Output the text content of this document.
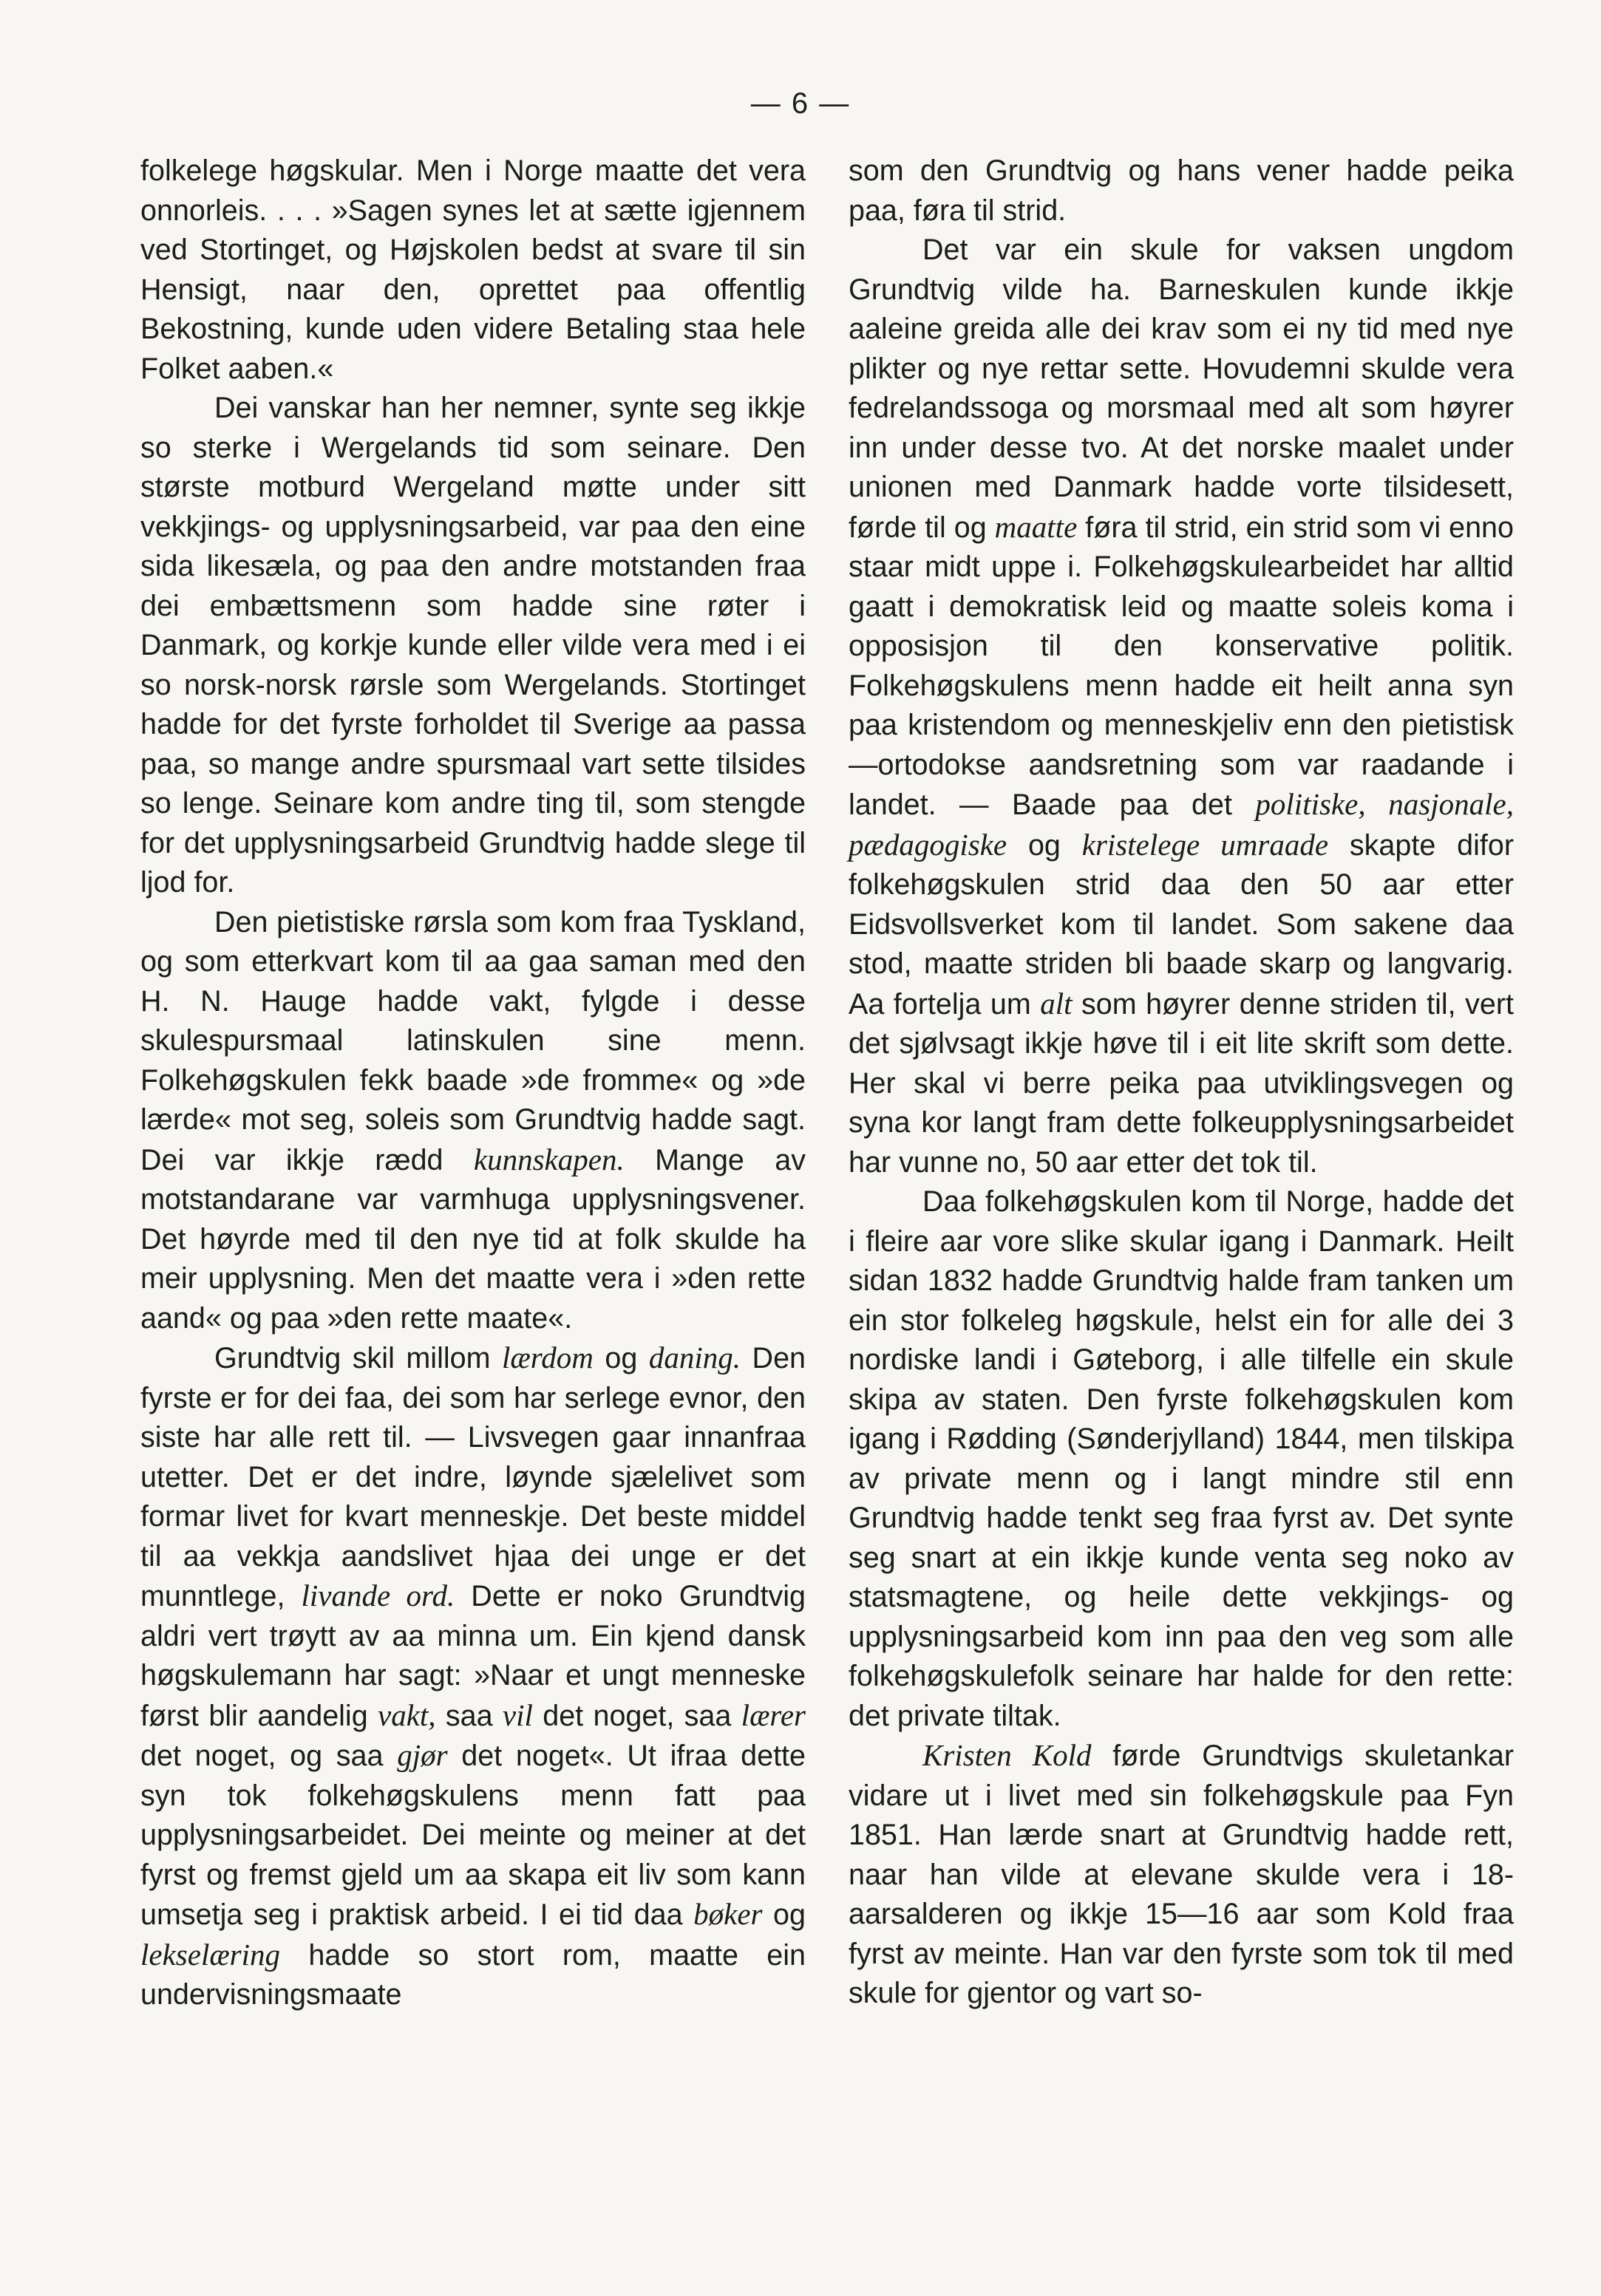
— 6 —

folkelege høgskular. Men i Norge maatte det vera onnorleis. . . . »Sagen synes let at sætte igjennem ved Stortinget, og Højskolen bedst at svare til sin Hensigt, naar den, oprettet paa offentlig Bekostning, kunde uden videre Betaling staa hele Folket aaben.«

Dei vanskar han her nemner, synte seg ikkje so sterke i Wergelands tid som seinare. Den største motburd Wergeland møtte under sitt vekkjings- og upplysningsarbeid, var paa den eine sida likesæla, og paa den andre motstanden fraa dei embættsmenn som hadde sine røter i Danmark, og korkje kunde eller vilde vera med i ei so norsk-norsk rørsle som Wergelands. Stortinget hadde for det fyrste forholdet til Sverige aa passa paa, so mange andre spursmaal vart sette tilsides so lenge. Seinare kom andre ting til, som stengde for det upplysningsarbeid Grundtvig hadde slege til ljod for.

Den pietistiske rørsla som kom fraa Tyskland, og som etterkvart kom til aa gaa saman med den H. N. Hauge hadde vakt, fylgde i desse skulespursmaal latinskulen sine menn. Folkehøgskulen fekk baade »de fromme« og »de lærde« mot seg, soleis som Grundtvig hadde sagt. Dei var ikkje rædd kunnskapen. Mange av motstandarane var varmhuga upplysningsvener. Det høyrde med til den nye tid at folk skulde ha meir upplysning. Men det maatte vera i »den rette aand« og paa »den rette maate«.

Grundtvig skil millom lærdom og daning. Den fyrste er for dei faa, dei som har serlege evnor, den siste har alle rett til. — Livsvegen gaar innanfraa utetter. Det er det indre, løynde sjælelivet som formar livet for kvart menneskje. Det beste middel til aa vekkja aandslivet hjaa dei unge er det munntlege, livande ord. Dette er noko Grundtvig aldri vert trøytt av aa minna um. Ein kjend dansk høgskulemann har sagt: »Naar et ungt menneske først blir aandelig vakt, saa vil det noget, saa lærer det noget, og saa gjør det noget«. Ut ifraa dette syn tok folkehøgskulens menn fatt paa upplysningsarbeidet. Dei meinte og meiner at det fyrst og fremst gjeld um aa skapa eit liv som kann umsetja seg i praktisk arbeid. I ei tid daa bøker og lekselæring hadde so stort rom, maatte ein undervisningsmaate

som den Grundtvig og hans vener hadde peika paa, føra til strid.

Det var ein skule for vaksen ungdom Grundtvig vilde ha. Barneskulen kunde ikkje aaleine greida alle dei krav som ei ny tid med nye plikter og nye rettar sette. Hovudemni skulde vera fedrelandssoga og morsmaal med alt som høyrer inn under desse tvo. At det norske maalet under unionen med Danmark hadde vorte tilsidesett, førde til og maatte føra til strid, ein strid som vi enno staar midt uppe i. Folkehøgskulearbeidet har alltid gaatt i demokratisk leid og maatte soleis koma i opposisjon til den konservative politik. Folkehøgskulens menn hadde eit heilt anna syn paa kristendom og menneskjeliv enn den pietistisk—ortodokse aandsretning som var raadande i landet. — Baade paa det politiske, nasjonale, pædagogiske og kristelege umraade skapte difor folkehøgskulen strid daa den 50 aar etter Eidsvollsverket kom til landet. Som sakene daa stod, maatte striden bli baade skarp og langvarig. Aa fortelja um alt som høyrer denne striden til, vert det sjølvsagt ikkje høve til i eit lite skrift som dette. Her skal vi berre peika paa utviklingsvegen og syna kor langt fram dette folkeupplysningsarbeidet har vunne no, 50 aar etter det tok til.

Daa folkehøgskulen kom til Norge, hadde det i fleire aar vore slike skular igang i Danmark. Heilt sidan 1832 hadde Grundtvig halde fram tanken um ein stor folkeleg høgskule, helst ein for alle dei 3 nordiske landi i Gøteborg, i alle tilfelle ein skule skipa av staten. Den fyrste folkehøgskulen kom igang i Rødding (Sønderjylland) 1844, men tilskipa av private menn og i langt mindre stil enn Grundtvig hadde tenkt seg fraa fyrst av. Det synte seg snart at ein ikkje kunde venta seg noko av statsmagtene, og heile dette vekkjings- og upplysningsarbeid kom inn paa den veg som alle folkehøgskulefolk seinare har halde for den rette: det private tiltak.

Kristen Kold førde Grundtvigs skuletankar vidare ut i livet med sin folkehøgskule paa Fyn 1851. Han lærde snart at Grundtvig hadde rett, naar han vilde at elevane skulde vera i 18-aarsalderen og ikkje 15—16 aar som Kold fraa fyrst av meinte. Han var den fyrste som tok til med skule for gjentor og vart so-
